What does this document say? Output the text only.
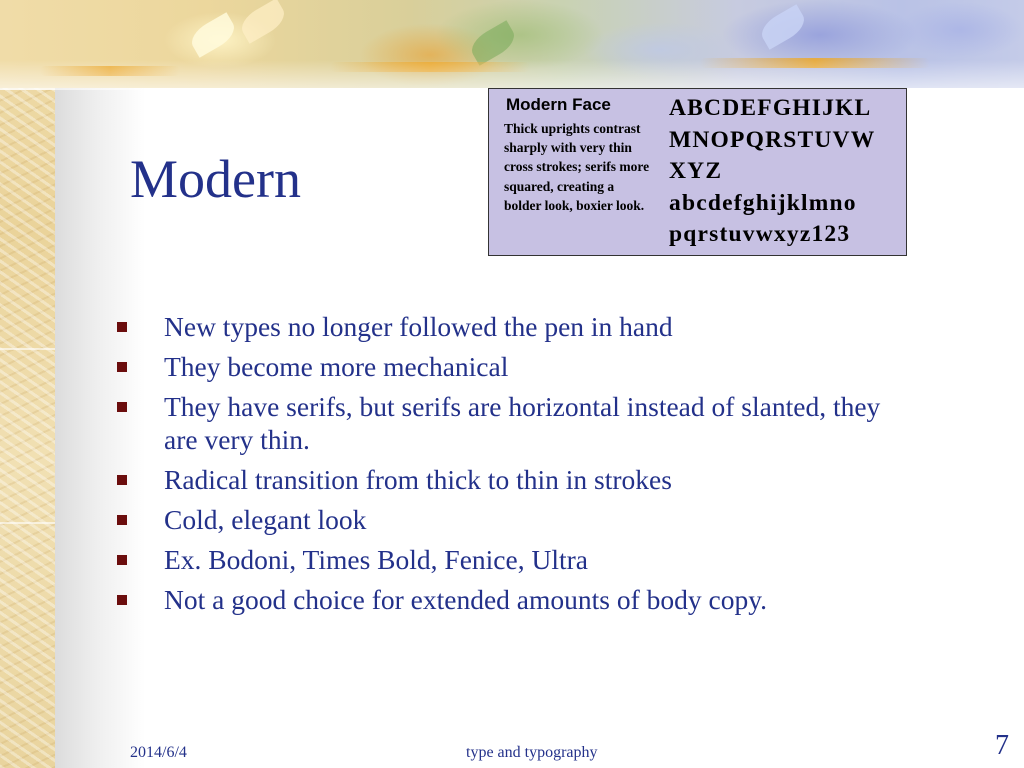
Modern
Modern Face
Thick uprights contrast sharply with very thin cross strokes; serifs more squared, creating a bolder look, boxier look.
ABCDEFGHIJKL
MNOPQRSTUVW
XYZ
abcdefghijklmno
pqrstuvwxyz123
New types no longer followed the pen in hand
They become more mechanical
They have serifs, but serifs are horizontal instead of slanted, they are very thin.
Radical transition from thick to thin in strokes
Cold, elegant look
Ex. Bodoni, Times Bold, Fenice, Ultra
Not a good choice for extended amounts of body copy.
2014/6/4	type and typography	7
